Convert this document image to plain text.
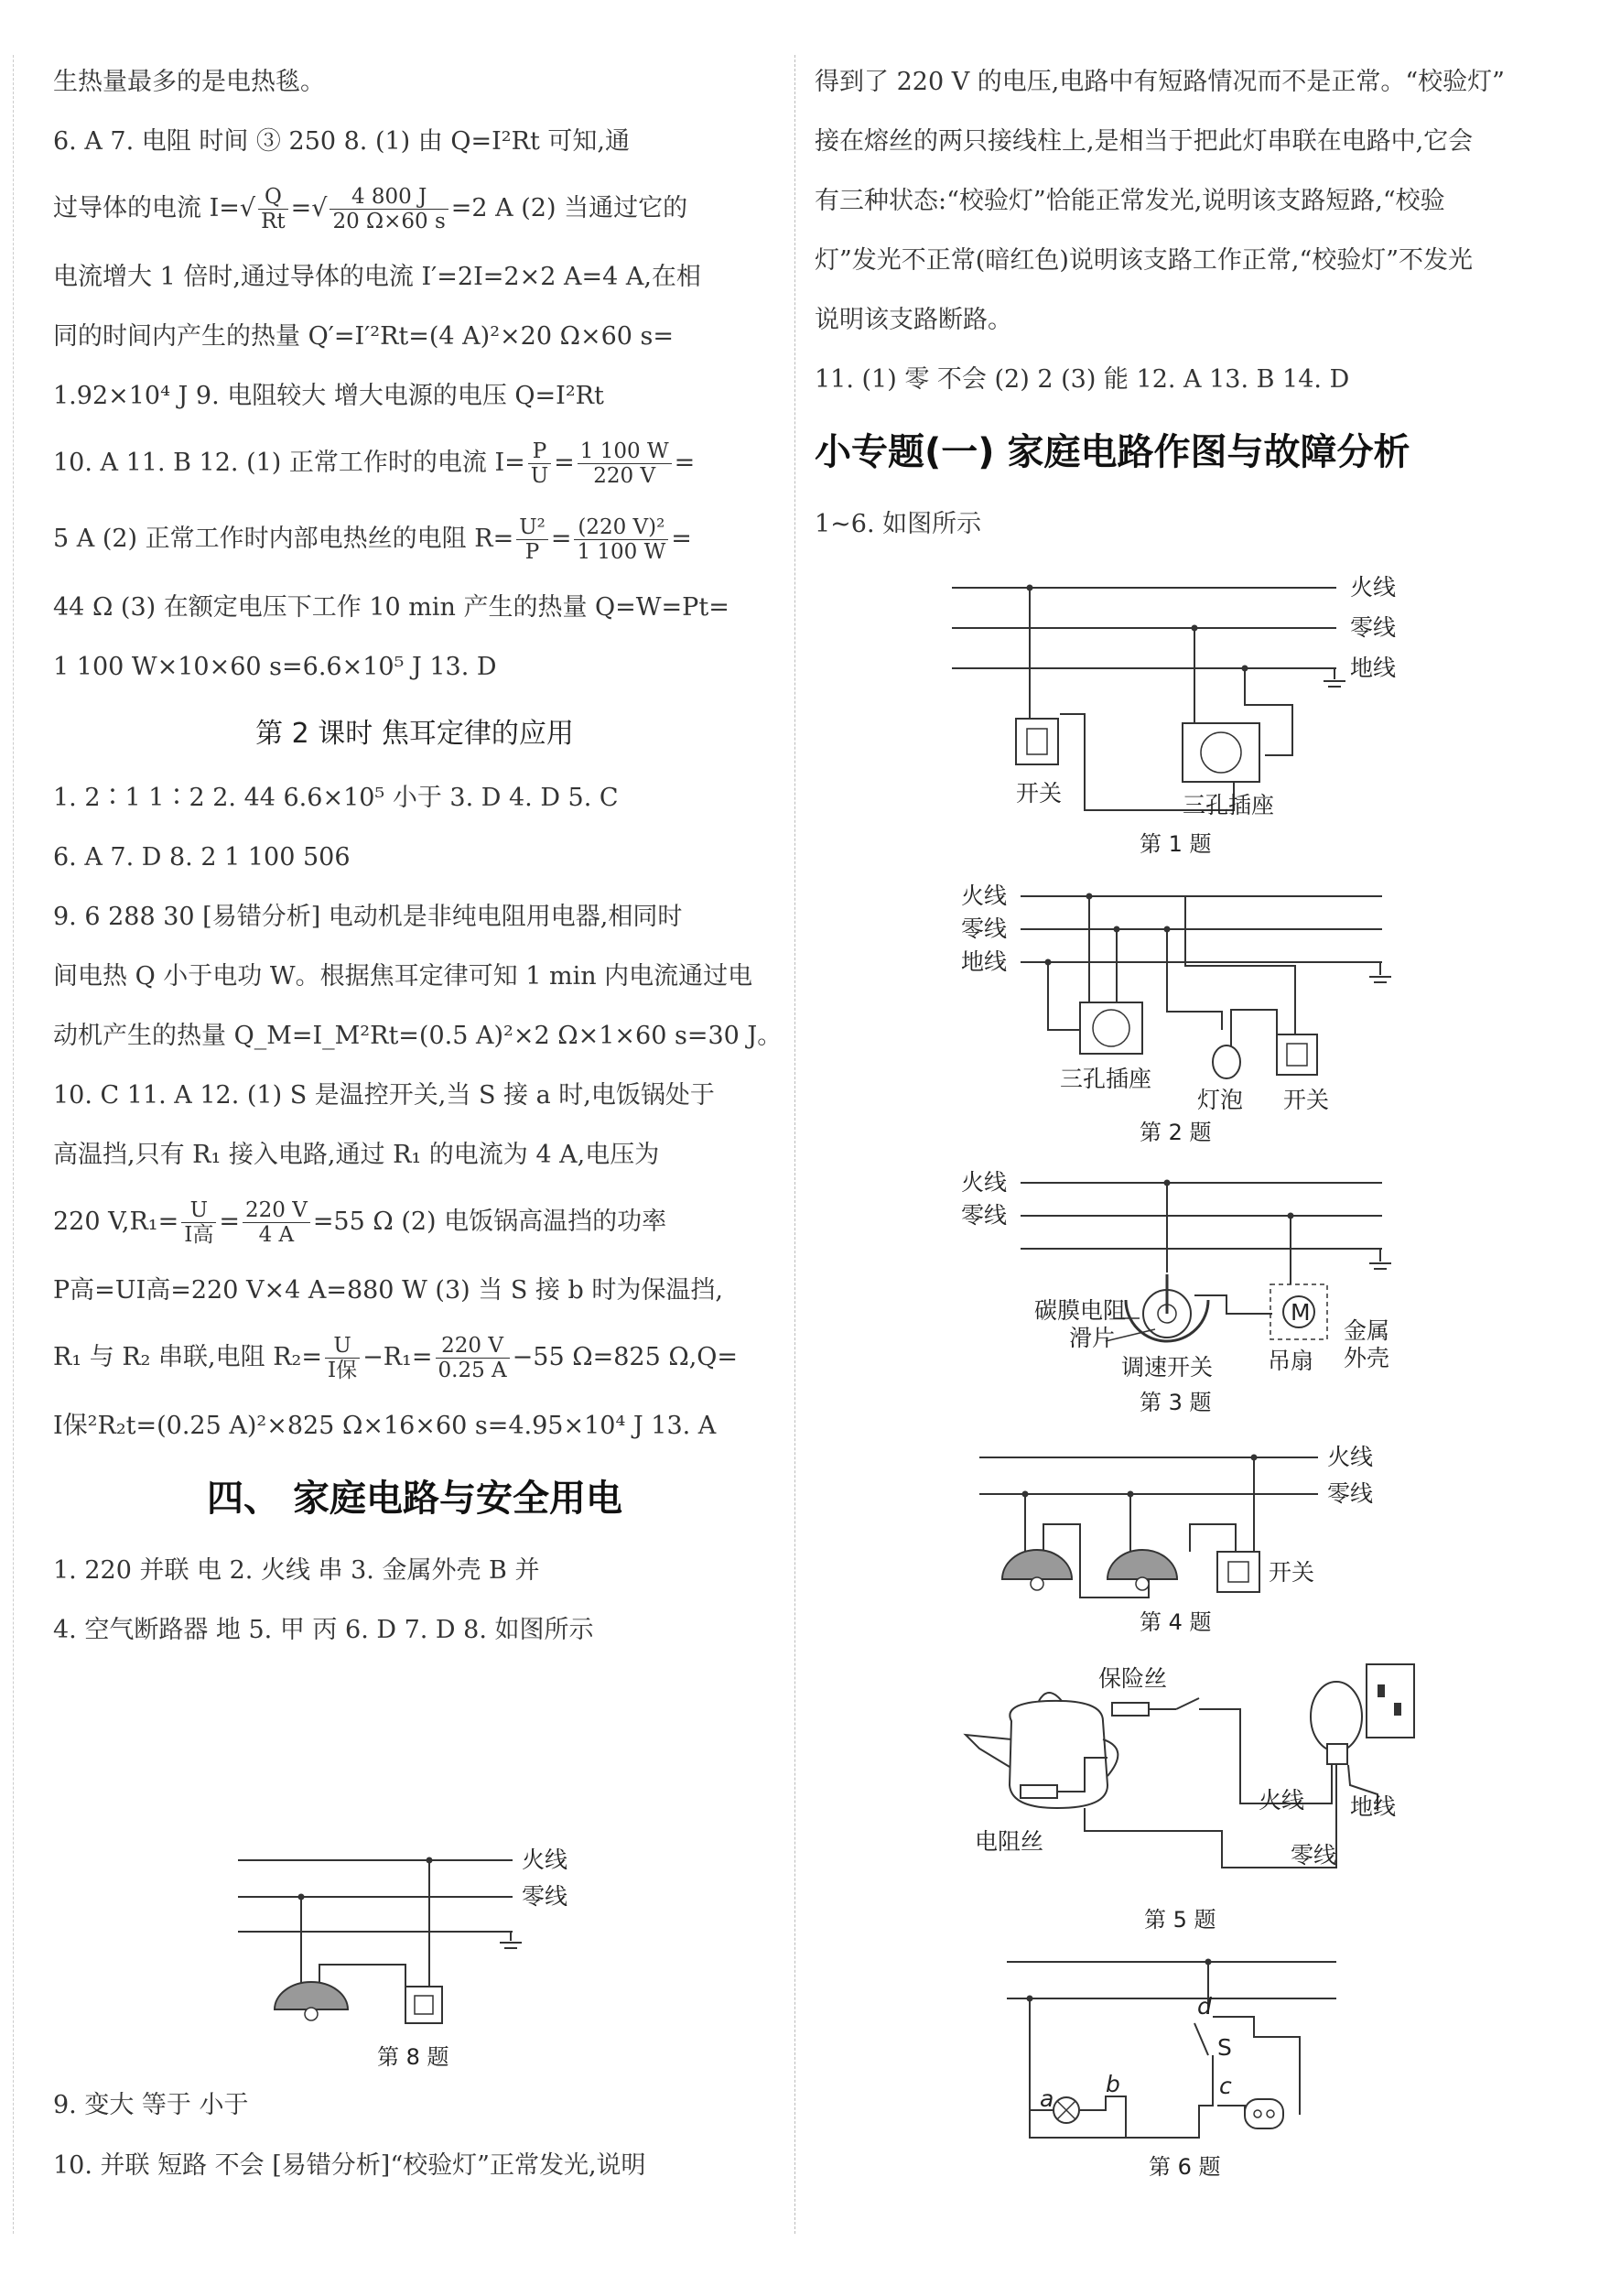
生热量最多的是电热毯。
6. A 7. 电阻 时间 ③ 250 8. (1) 由 Q=I²Rt 可知,通
过导体的电流 $I=√ \frac{Q}{Rt}$ =√ $\frac{4 800 J}{20 \Omega\times 60 s} =2$ A (2) 当通过它的
电流增大 1 倍时,通过导体的电流 I′=2I=2×2 A=4 A,在相
同的时间内产生的热量 Q′=I′²Rt=(4 A)²×20 Ω×60 s=
1.92×10⁴ J 9. 电阻较大 增大电源的电压 Q=I²Rt
10. A 11. B 12. (1) 正常工作时的电流 $I= \frac{P}{U} = \frac{1 100 W}{220 V}$ =
5 A (2) 正常工作时内部电热丝的电阻 $R= \frac{\text{U²}}{P} = \frac{\text{(220 V)²}}{1 100 W}$ =
44 Ω (3) 在额定电压下工作 10 min 产生的热量 Q=W=Pt=
1 100 W×10×60 s=6.6×10⁵ J 13. D
第 2 课时 焦耳定律的应用
1. 2∶1 1∶2 2. 44 6.6×10⁵ 小于 3. D 4. D 5. C
6. A 7. D 8. 2 1 100 506
9. 6 288 30 [易错分析] 电动机是非纯电阻用电器,相同时
间电热 Q 小于电功 W。根据焦耳定律可知 1 min 内电流通过电
动机产生的热量 Q_M=I_M²Rt=(0.5 A)²×2 Ω×1×60 s=30 J。
10. C 11. A 12. (1) S 是温控开关,当 S 接 a 时,电饭锅处于
高温挡,只有 R₁ 接入电路,通过 R₁ 的电流为 4 A,电压为
220 $V,R_1= \frac{U}{\text{I高}} = \frac{220 V}{4 A} =55$ Ω (2) 电饭锅高温挡的功率
P高=UI高=220 V×4 A=880 W (3) 当 S 接 b 时为保温挡,
R₁ 与 R₂ 串联,电阻 $R_2= \frac{U}{\text{I保}} -R_1= \frac{220 V}{0.25 A} -55$ Ω=825 Ω,Q=
I保²R₂t=(0.25 A)²×825 Ω×16×60 s=4.95×10⁴ J 13. A
四、 家庭电路与安全用电
1. 220 并联 电 2. 火线 串 3. 金属外壳 B 并
4. 空气断路器 地 5. 甲 丙 6. D 7. D 8. 如图所示
火线
零线
第 8 题
9. 变大 等于 小于
10. 并联 短路 不会 [易错分析]“校验灯”正常发光,说明
得到了 220 V 的电压,电路中有短路情况而不是正常。“校验灯”
接在熔丝的两只接线柱上,是相当于把此灯串联在电路中,它会
有三种状态:“校验灯”恰能正常发光,说明该支路短路,“校验
灯”发光不正常(暗红色)说明该支路工作正常,“校验灯”不发光
说明该支路断路。
11. (1) 零 不会 (2) 2 (3) 能 12. A 13. B 14. D
小专题(一) 家庭电路作图与故障分析
1~6. 如图所示
火线
零线
地线
开关	三孔插座
第 1 题
火线
零线
地线
三孔插座
灯泡 开关
第 2 题
火线
零线
M
碳膜电阻
滑片
调速开关 吊扇
金属
外壳
第 3 题
火线
零线
开关
第 4 题
保险丝
电阻丝
火线 地线
零线
第 5 题
d
S
c
b
a
第 6 题
